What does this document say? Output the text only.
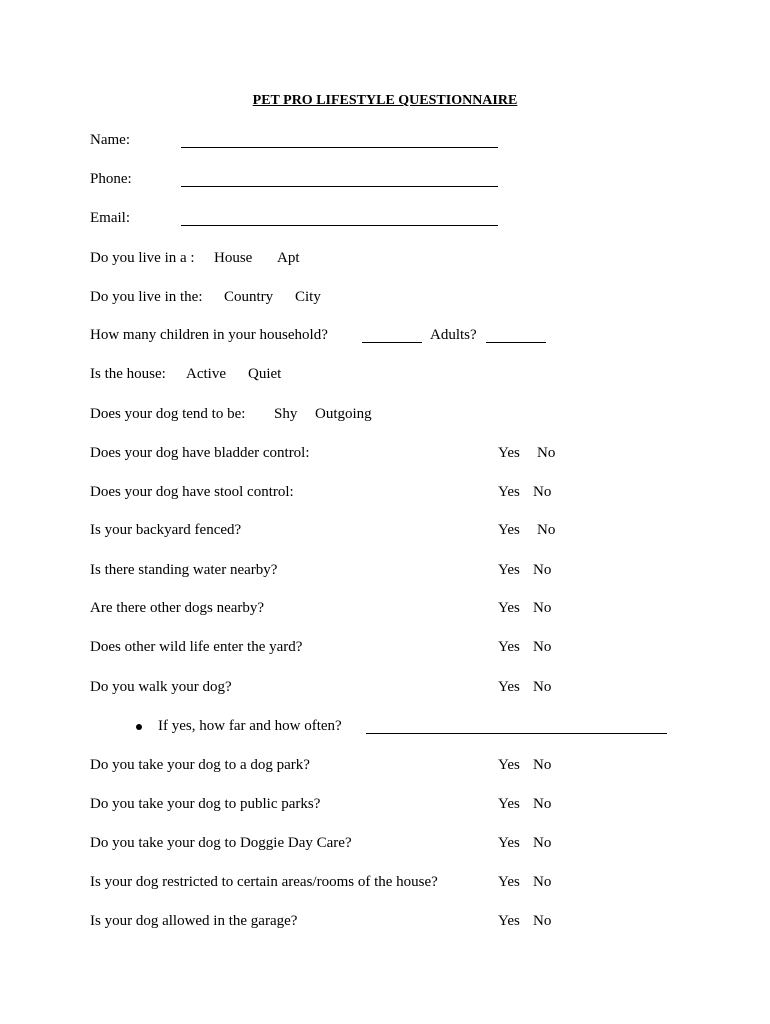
PET PRO LIFESTYLE QUESTIONNAIRE
Name:
Phone:
Email:
Do you live in a : House Apt
Do you live in the: Country City
How many children in your household?	Adults?
Is the house: Active Quiet
Does your dog tend to be: Shy Outgoing
Does your dog have bladder control:	Yes No
Does your dog have stool control:	Yes No
Is your backyard fenced?	Yes No
Is there standing water nearby?	Yes No
Are there other dogs nearby?	Yes No
Does other wild life enter the yard?	Yes No
Do you walk your dog?	Yes No
If yes, how far and how often?
Do you take your dog to a dog park?	Yes No
Do you take your dog to public parks?	Yes No
Do you take your dog to Doggie Day Care?	Yes No
Is your dog restricted to certain areas/rooms of the house?	Yes No
Is your dog allowed in the garage?	Yes No
